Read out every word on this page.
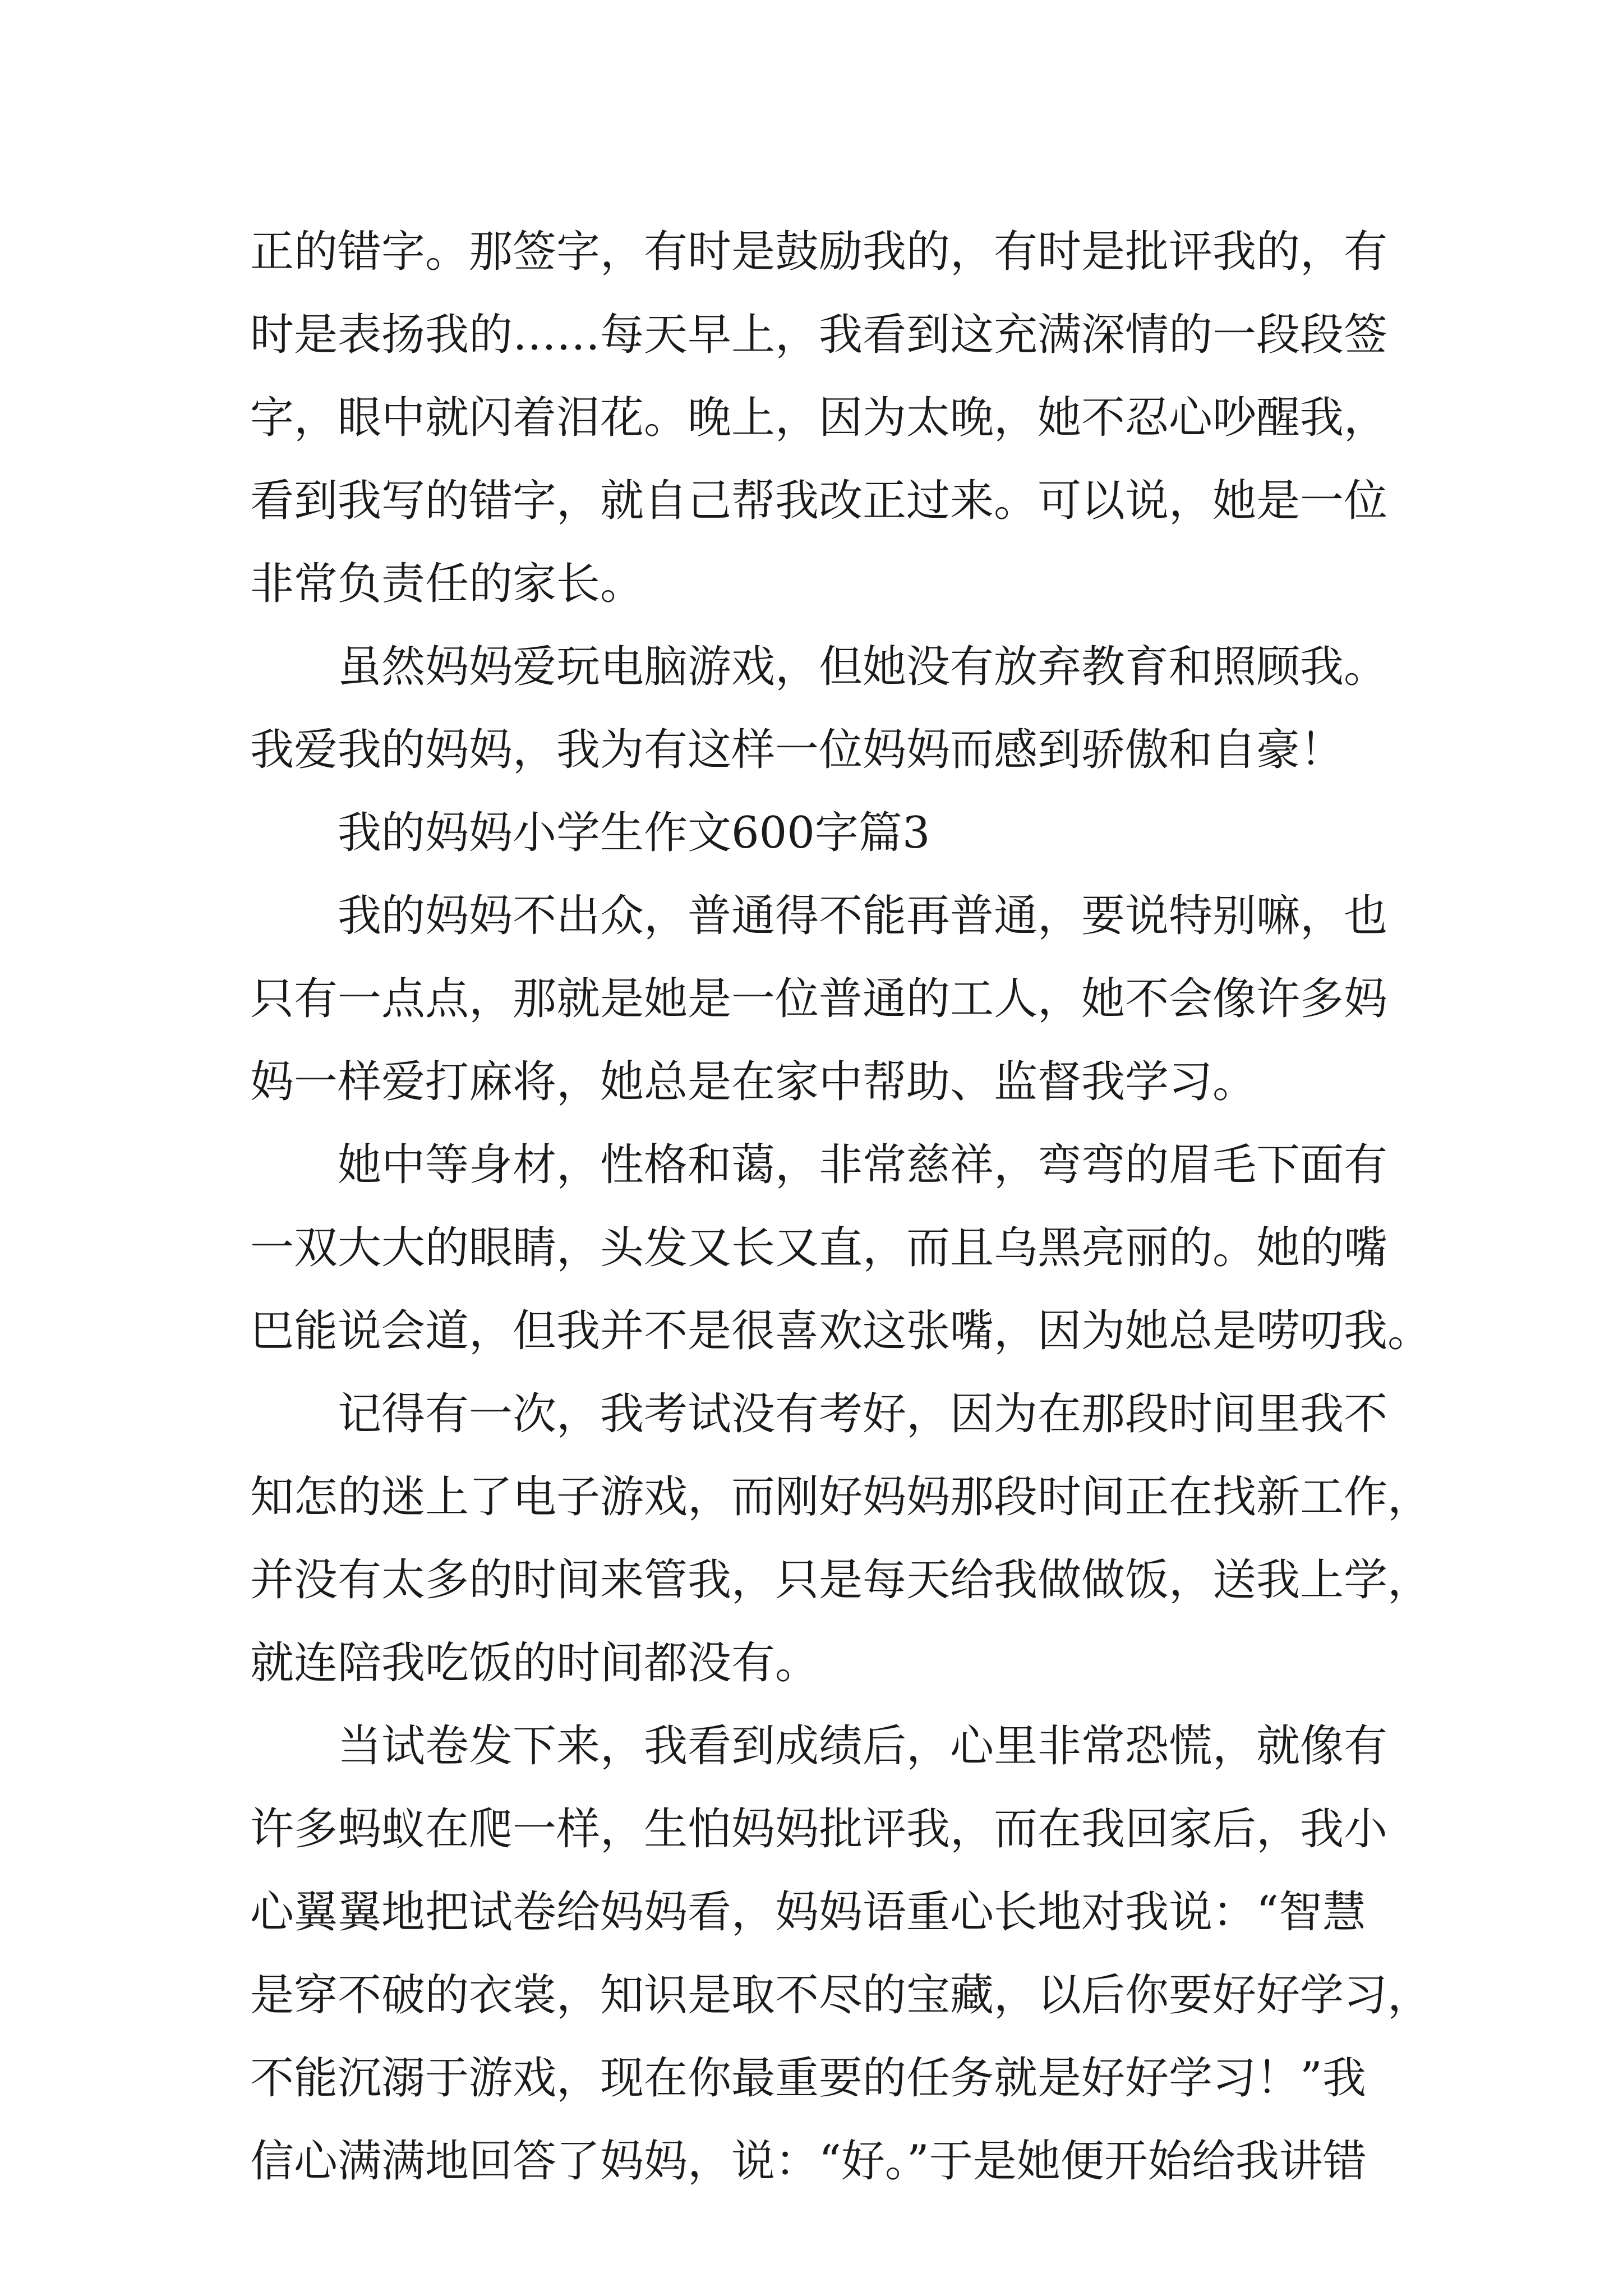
正的错字。那签字，有时是鼓励我的，有时是批评我的，有
时是表扬我的……每天早上，我看到这充满深情的一段段签
字，眼中就闪着泪花。晚上，因为太晚，她不忍心吵醒我，
看到我写的错字，就自己帮我改正过来。可以说，她是一位
非常负责任的家长。
虽然妈妈爱玩电脑游戏，但她没有放弃教育和照顾我。
我爱我的妈妈，我为有这样一位妈妈而感到骄傲和自豪！
我的妈妈小学生作文600字篇3
我的妈妈不出众，普通得不能再普通，要说特别嘛，也
只有一点点，那就是她是一位普通的工人，她不会像许多妈
妈一样爱打麻将，她总是在家中帮助、监督我学习。
她中等身材，性格和蔼，非常慈祥，弯弯的眉毛下面有
一双大大的眼睛，头发又长又直，而且乌黑亮丽的。她的嘴
巴能说会道，但我并不是很喜欢这张嘴，因为她总是唠叨我。
记得有一次，我考试没有考好，因为在那段时间里我不
知怎的迷上了电子游戏，而刚好妈妈那段时间正在找新工作，
并没有太多的时间来管我，只是每天给我做做饭，送我上学，
就连陪我吃饭的时间都没有。
当试卷发下来，我看到成绩后，心里非常恐慌，就像有
许多蚂蚁在爬一样，生怕妈妈批评我，而在我回家后，我小
心翼翼地把试卷给妈妈看，妈妈语重心长地对我说：“智慧
是穿不破的衣裳，知识是取不尽的宝藏，以后你要好好学习，
不能沉溺于游戏，现在你最重要的任务就是好好学习！”我
信心满满地回答了妈妈，说：“好。”于是她便开始给我讲错
